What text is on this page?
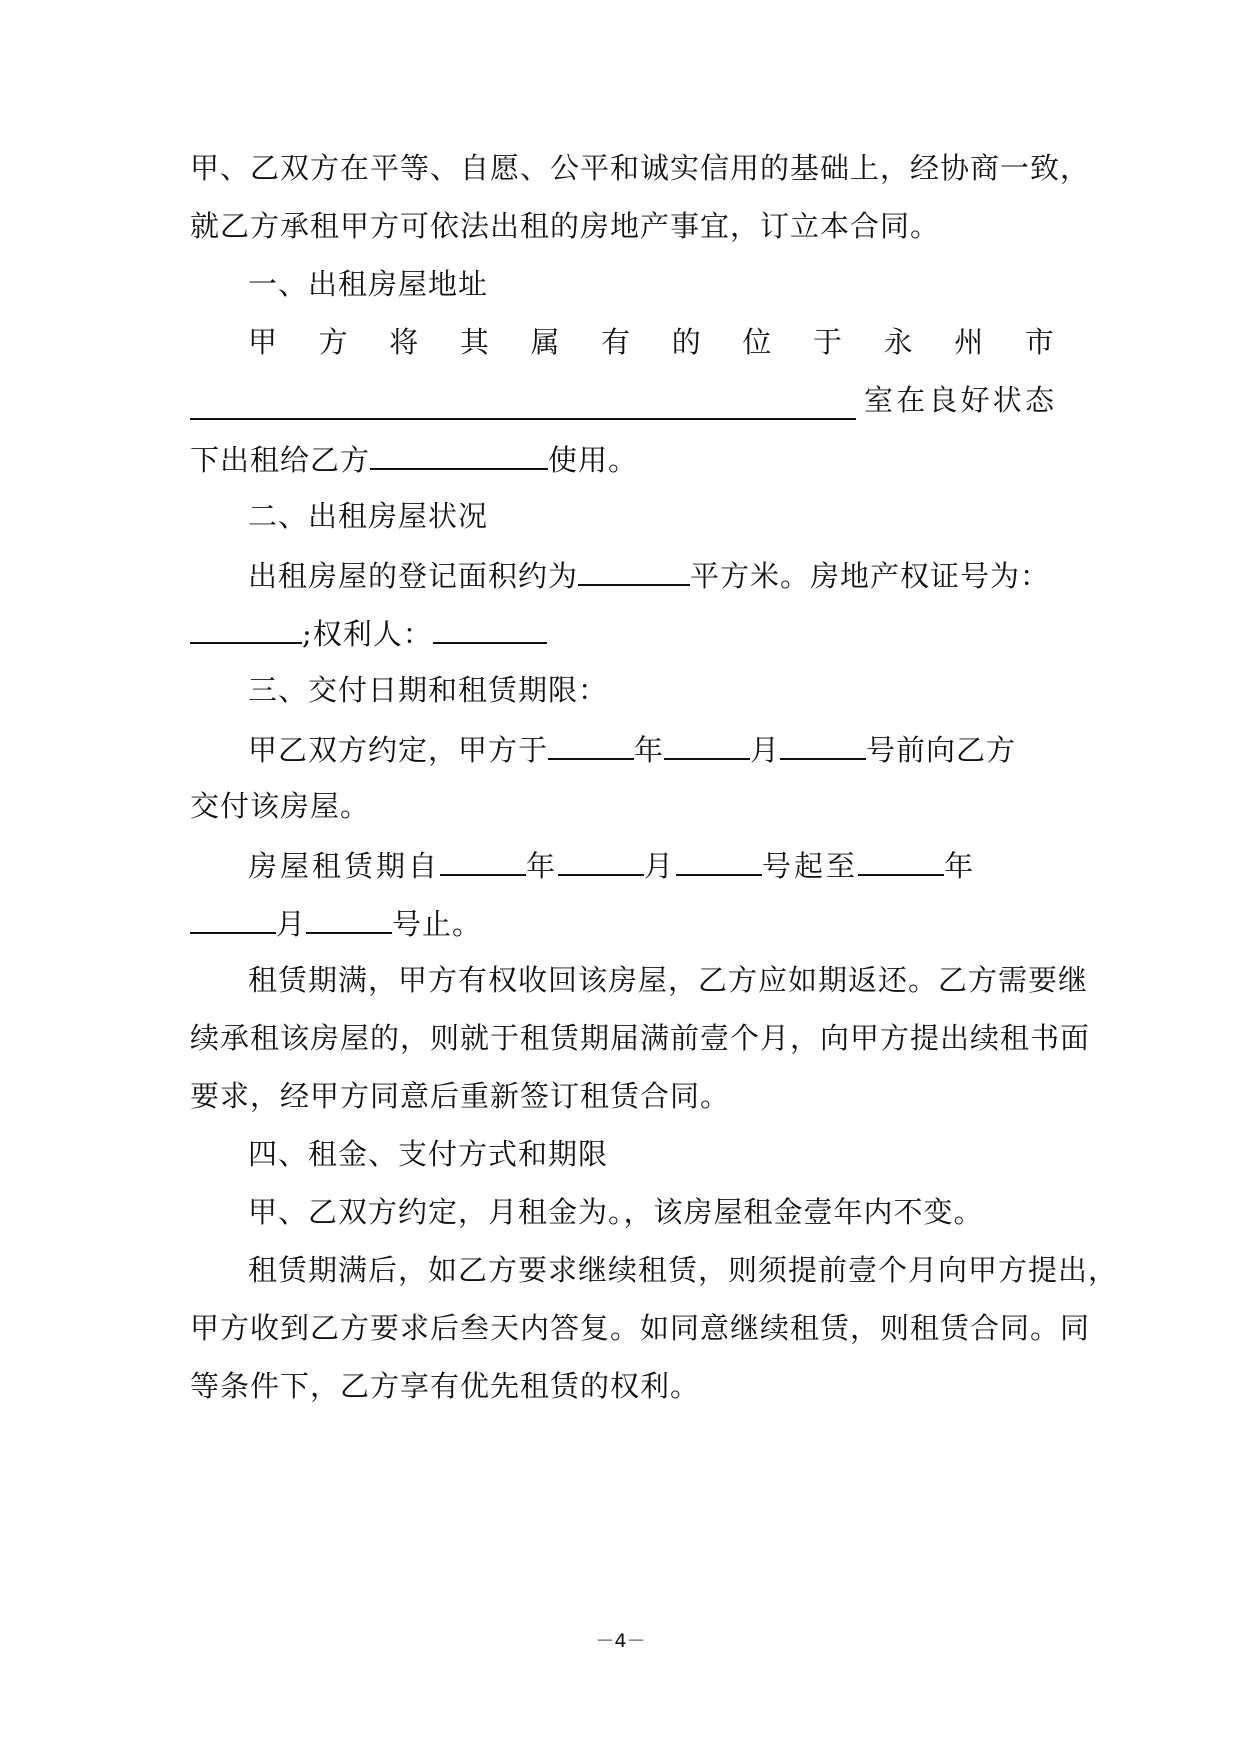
甲、乙双方在平等、自愿、公平和诚实信用的基础上，经协商一致，
就乙方承租甲方可依法出租的房地产事宜，订立本合同。
一、出租房屋地址
甲 方 将 其 属 有 的 位 于 永 州 市
室 在 良 好 状 态
下出租给乙方	使用。
二、出租房屋状况
出租房屋的登记面积约为	平方米。房地产权证号为：
;权利人：
三、交付日期和租赁期限：
甲乙双方约定，甲方于	年	月	号前向乙方
交付该房屋。
房屋租赁期自	年	月	号起至	年
月	号止。
租赁期满，甲方有权收回该房屋，乙方应如期返还。乙方需要继
续承租该房屋的，则就于租赁期届满前壹个月，向甲方提出续租书面
要求，经甲方同意后重新签订租赁合同。
四、租金、支付方式和期限
甲、乙双方约定，月租金为。，该房屋租金壹年内不变。
租赁期满后，如乙方要求继续租赁，则须提前壹个月向甲方提出，
甲方收到乙方要求后叁天内答复。如同意继续租赁，则租赁合同。同
等条件下，乙方享有优先租赁的权利。
－4－
